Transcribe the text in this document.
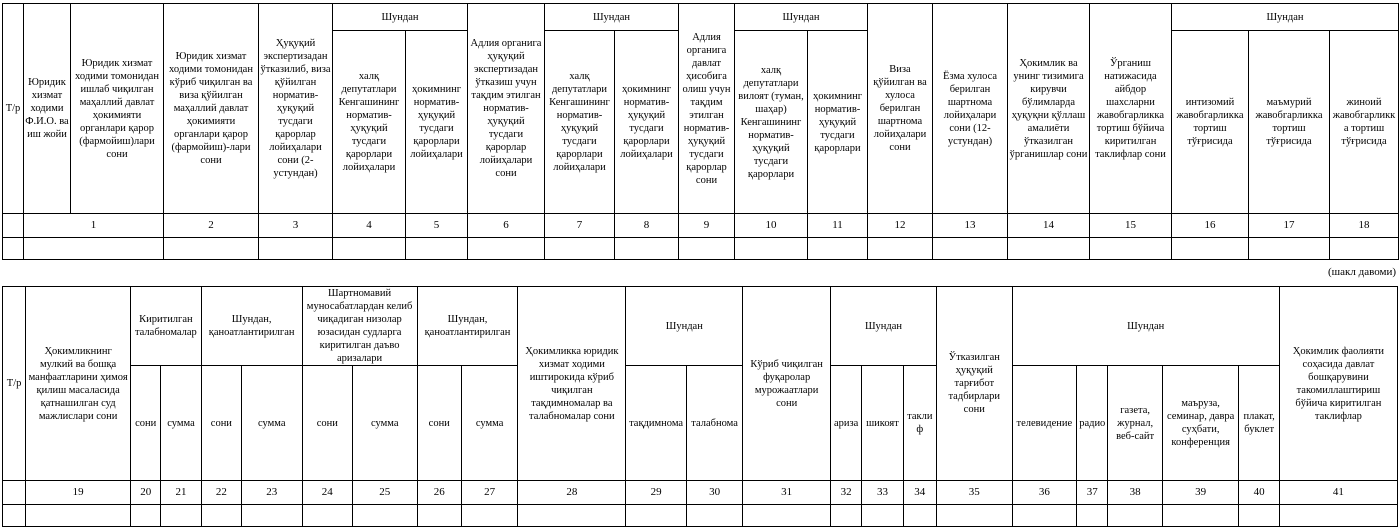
Т/р	Юридик хизмат ходими Ф.И.О. ва иш жойи	Юридик хизмат ходими томонидан ишлаб чиқилган маҳаллий давлат ҳокимияти органлари қарор (фармойиш)лари сони	Юридик хизмат ходими томонидан кўриб чиқилган ва виза қўйилган маҳаллий давлат ҳокимияти органлари қарор (фармойиш)-лари сони	Ҳуқуқий экспертизадан ўтказилиб, виза қўйилган норматив-ҳуқуқий тусдаги қарорлар лойиҳалари сони (2-устундан)	Шундан		Адлия органига ҳуқуқий экспертизадан ўтказиш учун тақдим этилган норматив-ҳуқуқий тусдаги қарорлар лойиҳалари сони	Шундан		Адлия органига давлат ҳисобига олиш учун тақдим этилган норматив-ҳуқуқий тусдаги қарорлар сони	Шундан		Виза қўйилган ва хулоса берилган шартнома лойиҳалари сони	Ёзма хулоса берилган шартнома лойиҳалари сони (12-устундан)	Ҳокимлик ва унинг тизимига кирувчи бўлимларда ҳуқуқни қўллаш амалиёти ўтказилган ўрганишлар сони	Ўрганиш натижасида айбдор шахсларни жавобгарликка тортиш бўйича киритилган таклифлар сони	Шундан		
					халқ депутатлари Кенгашининг норматив-ҳуқуқий тусдаги қарорлари лойиҳалари	ҳокимнинг норматив-ҳуқуқий тусдаги қарорлари лойиҳалари		халқ депутатлари Кенгашининг норматив-ҳуқуқий тусдаги қарорлари лойиҳалари	ҳокимнинг норматив-ҳуқуқий тусдаги қарорлари лойиҳалари		халқ депутатлари вилоят (туман, шаҳар) Кенгашининг норматив-ҳуқуқий тусдаги қарорлари	ҳокимнинг норматив-ҳуқуқий тусдаги қарорлари					интизомий жавобгарликка тортиш тўғрисида	маъмурий жавобгарликка тортиш тўғрисида	жиноий жавобгарликка тортиш тўғрисида
	1		2	3	4	5	6	7	8	9	10	11	12	13	14	15	16	17	18

(шакл давоми)
Т/р	Ҳокимликнинг мулкий ва бошқа манфаатларини ҳимоя қилиш масаласида қатнашилган суд мажлислари сони	Киритилган талабномалар		Шундан, қаноатлантирилган		Шартномавий муносабатлардан келиб чиқадиган низолар юзасидан судларга киритилган даъво аризалари		Шундан, қаноатлантирилган		Ҳокимликка юридик хизмат ходими иштирокида кўриб чиқилган тақдимномалар ва талабномалар сони	Шундан		Кўриб чиқилган фуқаролар мурожаатлари сони	Шундан			Ўтказилган ҳуқуқий тарғибот тадбирлари сони	Шундан					Ҳокимлик фаолияти соҳасида давлат бошқарувини такомиллаштириш бўйича киритилган таклифлар
		сони	сумма	сони	сумма	сони	сумма	сони	сумма		тақдимнома	талабнома		ариза	шикоят	таклиф		телевидение	радио	газета, журнал, веб-сайт	маъруза, семинар, давра суҳбати, конференция	плакат, буклет	
	19	20	21	22	23	24	25	26	27	28	29	30	31	32	33	34	35	36	37	38	39	40	41
